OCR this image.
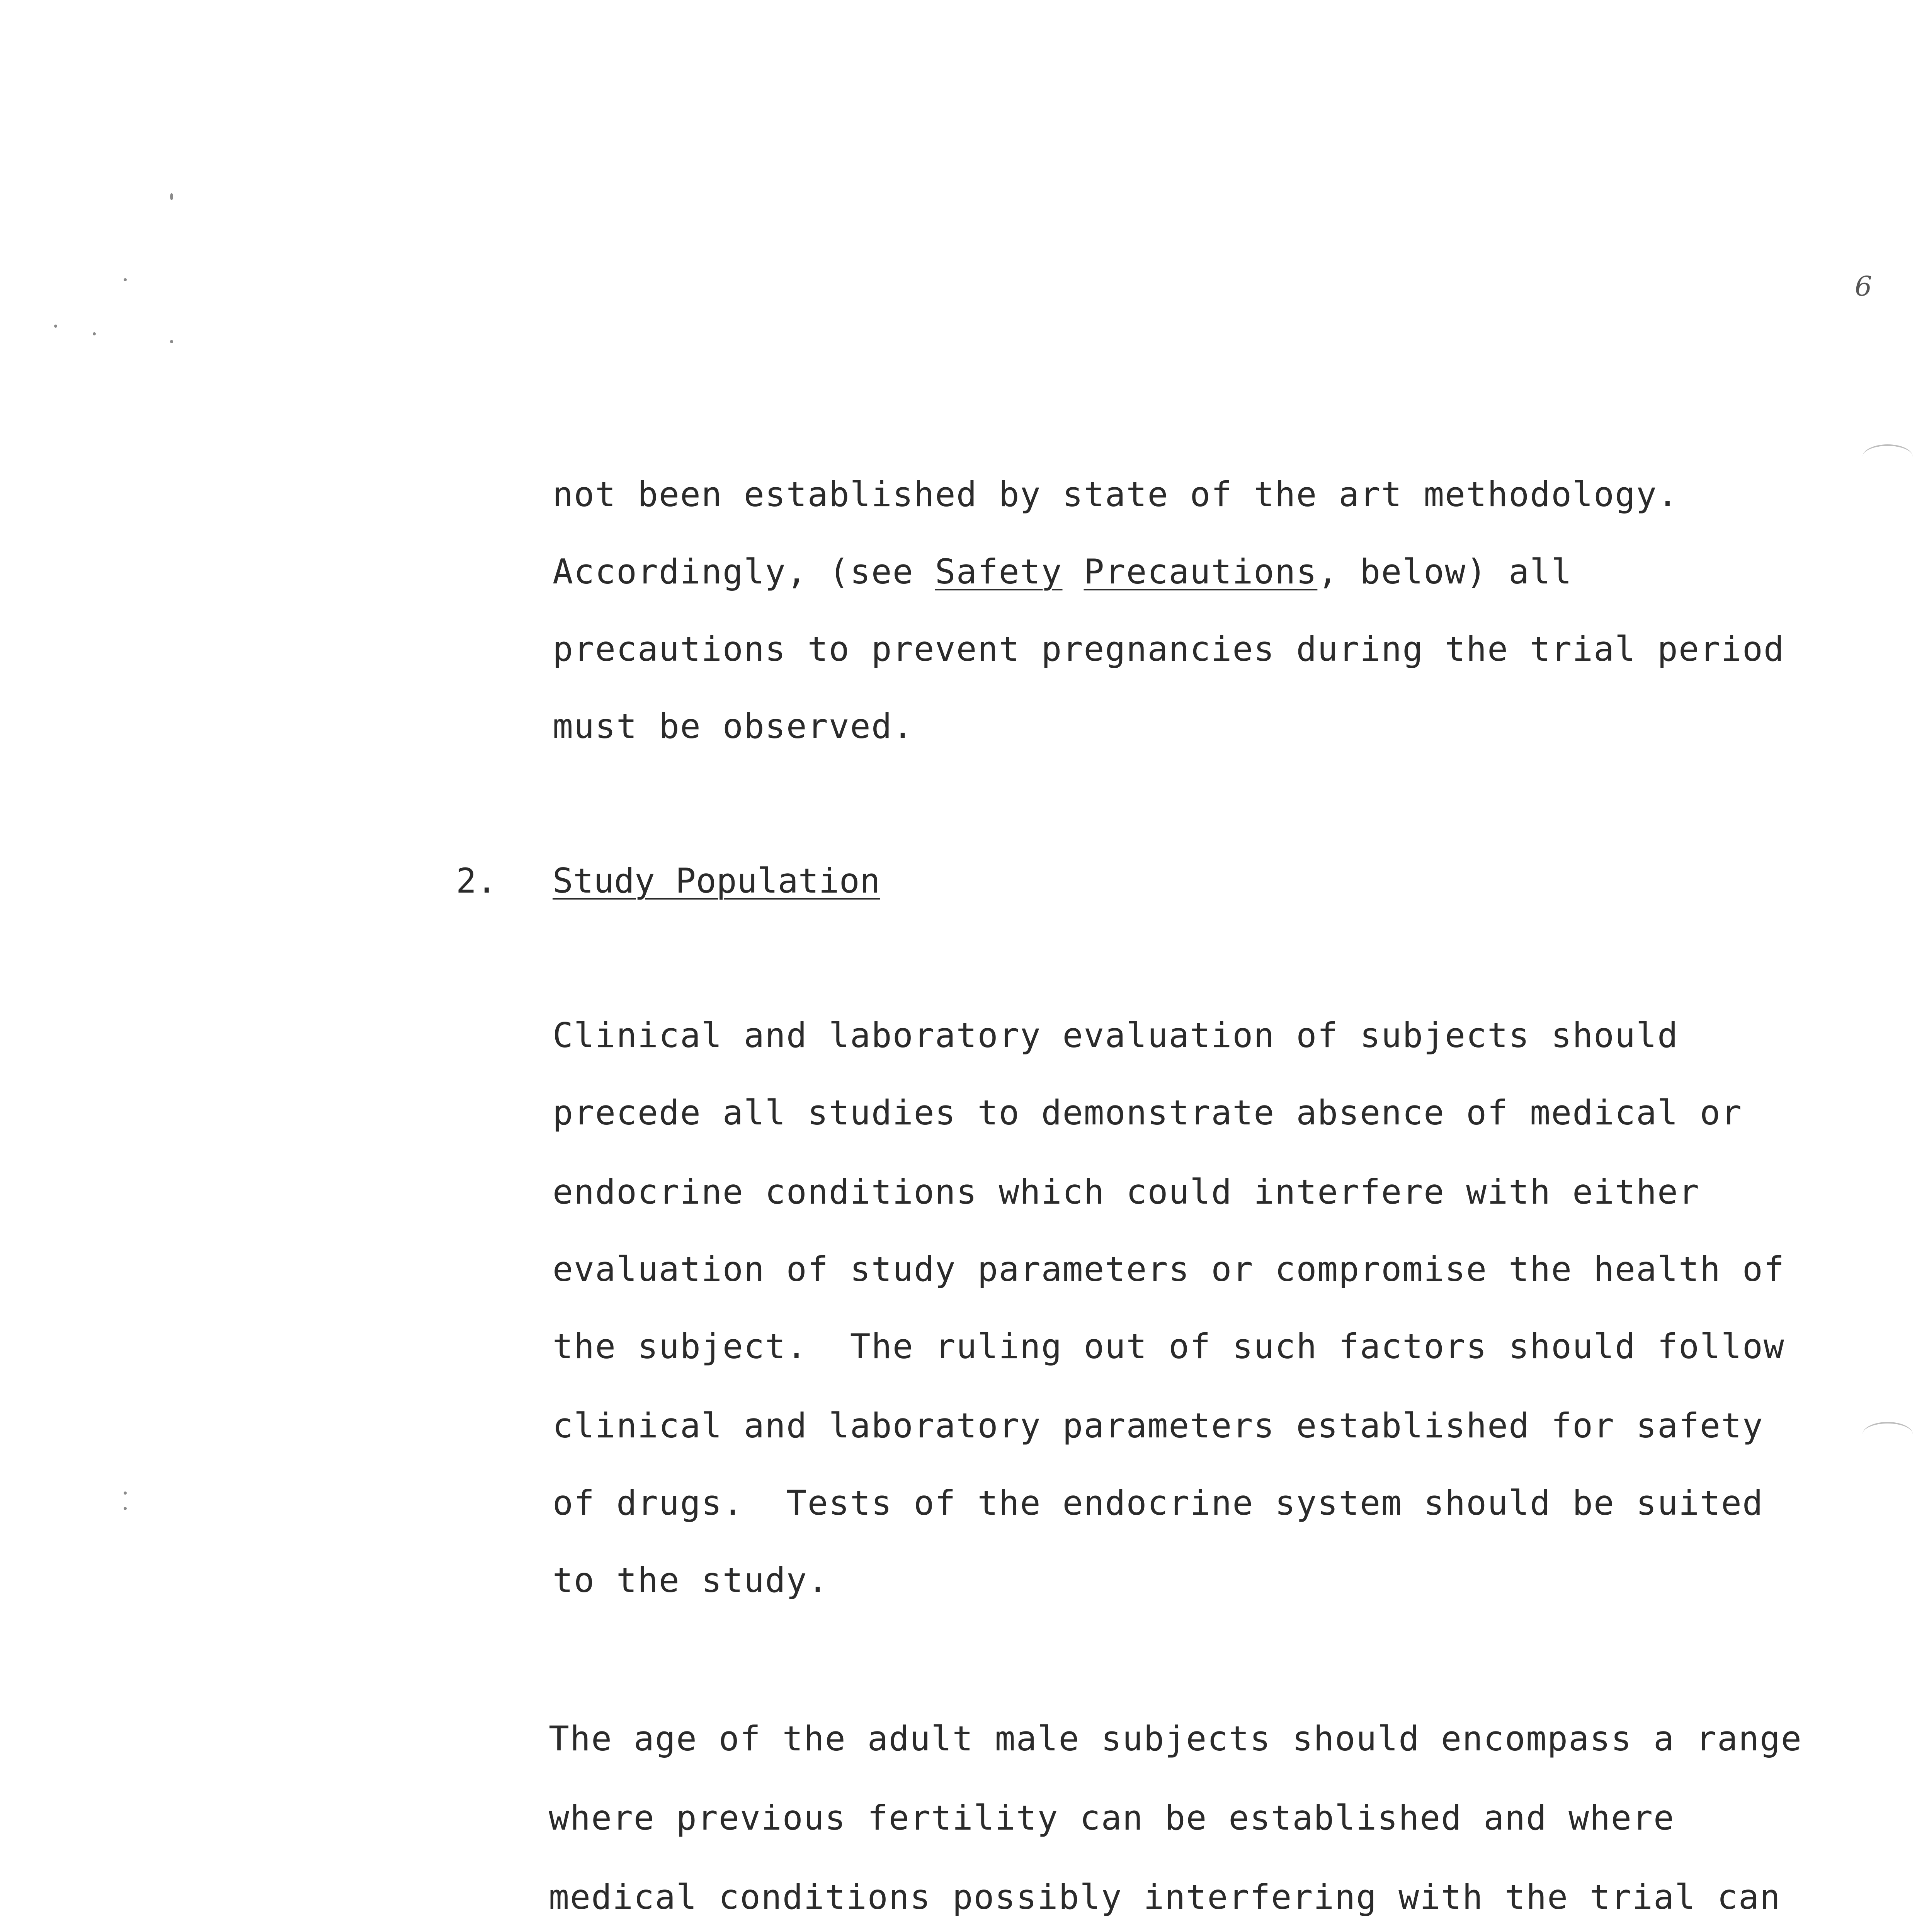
6
not been established by state of the art methodology.
Accordingly, (see Safety Precautions, below) all
precautions to prevent pregnancies during the trial period
must be observed.
2. Study Population
Clinical and laboratory evaluation of subjects should
precede all studies to demonstrate absence of medical or
endocrine conditions which could interfere with either
evaluation of study parameters or compromise the health of
the subject.  The ruling out of such factors should follow
clinical and laboratory parameters established for safety
of drugs.  Tests of the endocrine system should be suited
to the study.
The age of the adult male subjects should encompass a range
where previous fertility can be established and where
medical conditions possibly interfering with the trial can
